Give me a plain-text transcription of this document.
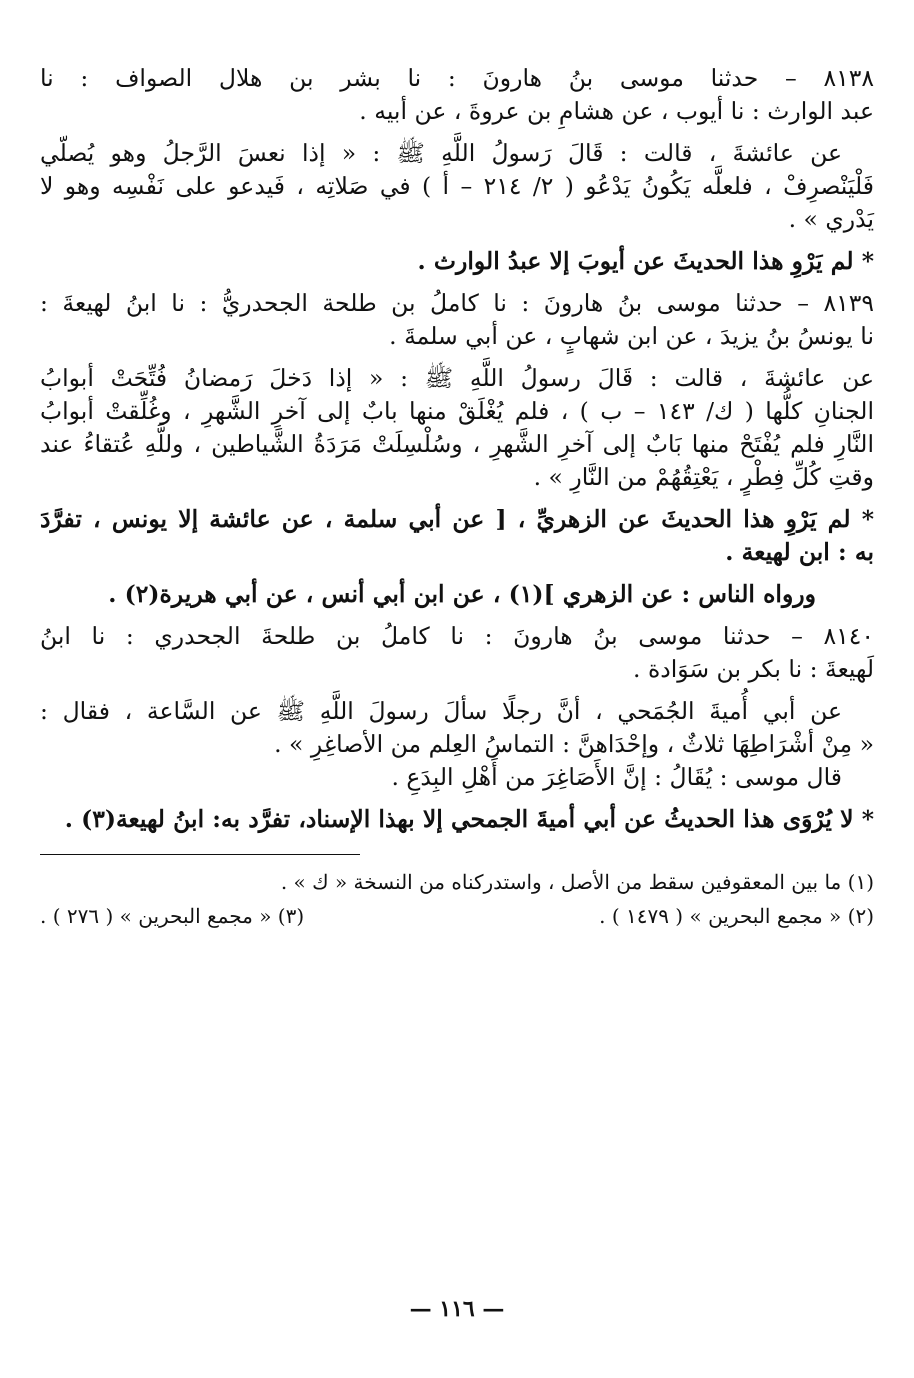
٨١٣٨ – حدثنا موسى بنُ هارونَ : نا بشر بن هلال الصواف : نا
عبد الوارث : نا أيوب ، عن هشامِ بن عروةَ ، عن أبيه .
عن عائشةَ ، قالت : قَالَ رَسولُ اللَّهِ ﷺ : « إذا نعسَ الرَّجلُ وهو يُصلّي
فَلْيَنْصرِفْ ، فلعلَّه يَكُونُ يَدْعُو ( ٢/ ٢١٤ – أ ) في صَلاتِه ، فَيدعو على نَفْسِه وهو لا
يَدْري » .
* لم يَرْوِ هذا الحديثَ عن أيوبَ إلا عبدُ الوارث .
٨١٣٩ – حدثنا موسى بنُ هارونَ : نا كاملُ بن طلحة الجحدريُّ : نا ابنُ لهيعةَ :
نا يونسُ بنُ يزيدَ ، عن ابن شهابٍ ، عن أبي سلمةَ .
عن عائشةَ ، قالت : قَالَ رسولُ اللَّهِ ﷺ : « إذا دَخلَ رَمضانُ فُتِّحَتْ أبوابُ
الجنانِ كلُّها ( ك/ ١٤٣ – ب ) ، فلم يُغْلَقْ منها بابٌ إلى آخرِ الشَّهرِ ، وغُلِّقتْ أبوابُ
النَّارِ فلم يُفْتَحْ منها بَابٌ إلى آخرِ الشَّهرِ ، وسُلْسِلَتْ مَرَدَةُ الشَّياطين ، وللَّهِ عُتقاءُ عند
وقتِ كُلِّ فِطْرٍ ، يَعْتِقُهُمْ من النَّارِ » .
* لم يَرْوِ هذا الحديثَ عن الزهريِّ ، [ عن أبي سلمة ، عن عائشة إلا يونس ، تفرَّدَ
به : ابن لهيعة .
ورواه الناس : عن الزهري ](١) ، عن ابن أبي أنس ، عن أبي هريرة(٢) .
٨١٤٠ – حدثنا موسى بنُ هارونَ : نا كاملُ بن طلحةَ الجحدري : نا ابنُ
لَهيعةَ : نا بكر بن سَوَادة .
عن أبي أُميةَ الجُمَحي ، أنَّ رجلًا سألَ رسولَ اللَّهِ ﷺ عن السَّاعة ، فقال :
« مِنْ أشْرَاطِهَا ثلاثٌ ، وإحْدَاهنَّ : التماسُ العِلم من الأصاغِرِ » .
قال موسى : يُقَالُ : إنَّ الأَصَاغِرَ من أَهْلِ البِدَعِ .
* لا يُرْوَى هذا الحديثُ عن أبي أميةَ الجمحي إلا بهذا الإسناد، تفرَّد به: ابنُ لهيعة(٣) .
(١) ما بين المعقوفين سقط من الأصل ، واستدركناه من النسخة « ك » .
(٢) « مجمع البحرين » ( ١٤٧٩ ) .
(٣) « مجمع البحرين » ( ٢٧٦ ) .
— ١١٦ —
